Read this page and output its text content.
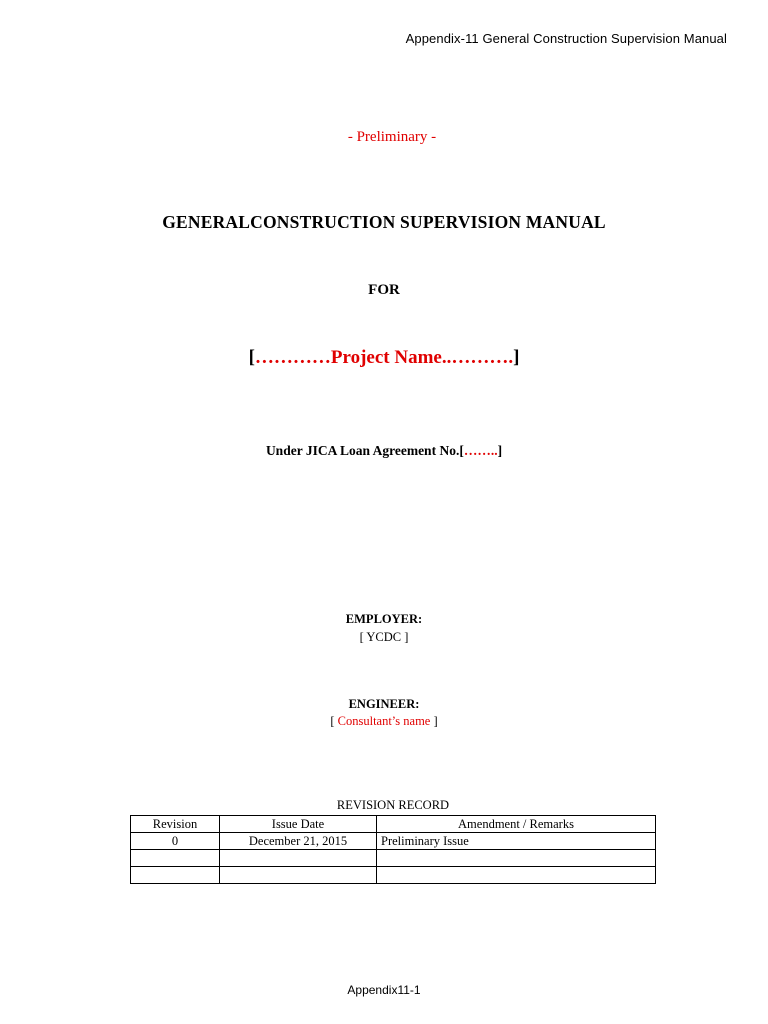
Appendix-11 General Construction Supervision Manual
- Preliminary -
GENERALCONSTRUCTION SUPERVISION MANUAL
FOR
[…………Project Name..……….]
Under JICA Loan Agreement No.[……..]
EMPLOYER:
[ YCDC ]
ENGINEER:
[ Consultant’s name ]
REVISION RECORD
Revision	Issue Date	Amendment / Remarks
0	December 21, 2015	Preliminary Issue

Appendix11-1
